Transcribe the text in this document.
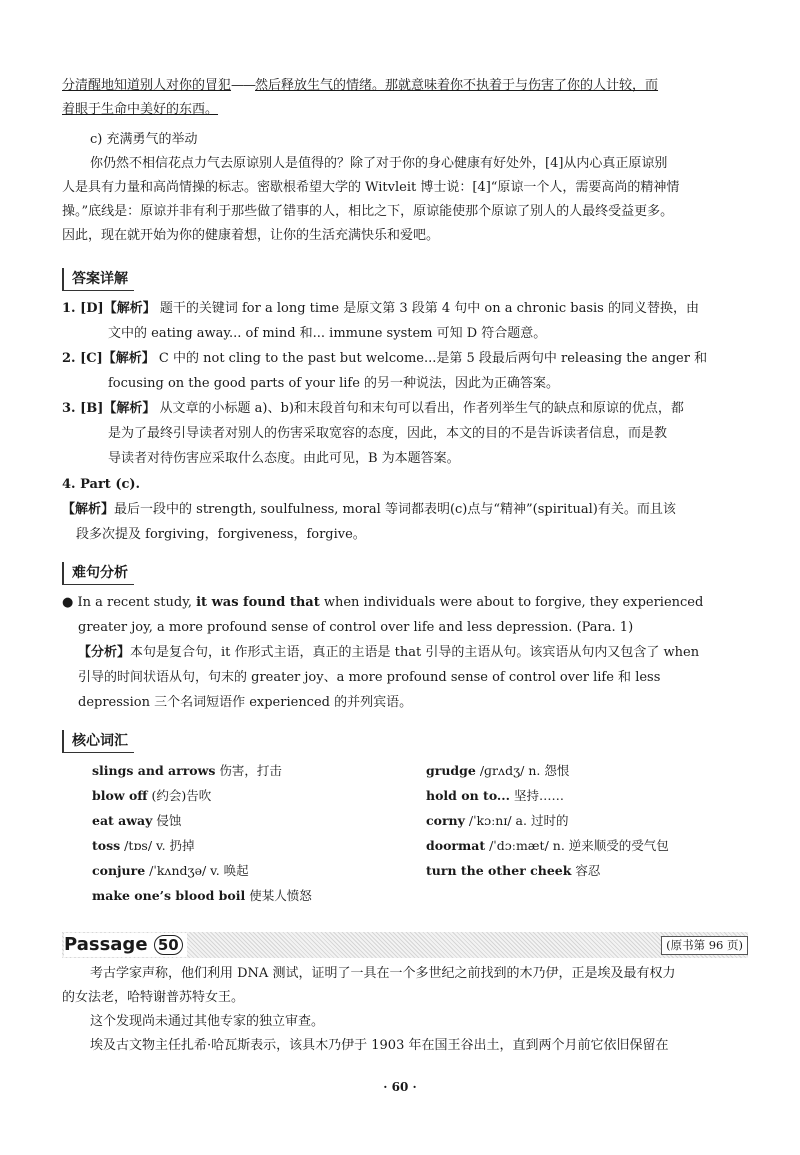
分清醒地知道别人对你的冒犯——然后释放生气的情绪。那就意味着你不执着于与伤害了你的人计较，而
着眼于生命中美好的东西。
c) 充满勇气的举动
你仍然不相信花点力气去原谅别人是值得的？除了对于你的身心健康有好处外，[4]从内心真正原谅别
人是具有力量和高尚情操的标志。密歇根希望大学的 Witvleit 博士说：[4]“原谅一个人，需要高尚的精神情
操。”底线是：原谅并非有利于那些做了错事的人，相比之下，原谅能使那个原谅了别人的人最终受益更多。
因此，现在就开始为你的健康着想，让你的生活充满快乐和爱吧。
答案详解
1. [D]【解析】 题干的关键词 for a long time 是原文第 3 段第 4 句中 on a chronic basis 的同义替换，由
文中的 eating away... of mind 和... immune system 可知 D 符合题意。
2. [C]【解析】 C 中的 not cling to the past but welcome...是第 5 段最后两句中 releasing the anger 和
focusing on the good parts of your life 的另一种说法，因此为正确答案。
3. [B]【解析】 从文章的小标题 a)、b)和末段首句和末句可以看出，作者列举生气的缺点和原谅的优点，都
是为了最终引导读者对别人的伤害采取宽容的态度，因此，本文的目的不是告诉读者信息，而是教
导读者对待伤害应采取什么态度。由此可见，B 为本题答案。
4. Part (c).
【解析】最后一段中的 strength, soulfulness, moral 等词都表明(c)点与“精神”(spiritual)有关。而且该
段多次提及 forgiving，forgiveness，forgive。
难句分析
● In a recent study, it was found that when individuals were about to forgive, they experienced
greater joy, a more profound sense of control over life and less depression. (Para. 1)
【分析】本句是复合句，it 作形式主语，真正的主语是 that 引导的主语从句。该宾语从句内又包含了 when
引导的时间状语从句，句末的 greater joy、a more profound sense of control over life 和 less
depression 三个名词短语作 experienced 的并列宾语。
核心词汇
slings and arrows 伤害，打击
blow off (约会)告吹
eat away 侵蚀
toss /tɒs/ v. 扔掉
conjure /ˈkʌndʒə/ v. 唤起
make one’s blood boil 使某人愤怒
grudge /ɡrʌdʒ/ n. 怨恨
hold on to... 坚持……
corny /ˈkɔːnɪ/ a. 过时的
doormat /ˈdɔːmæt/ n. 逆来顺受的受气包
turn the other cheek 容忍
Passage 50	(原书第 96 页)
考古学家声称，他们利用 DNA 测试，证明了一具在一个多世纪之前找到的木乃伊，正是埃及最有权力
的女法老，哈特谢普苏特女王。
这个发现尚未通过其他专家的独立审查。
埃及古文物主任扎希·哈瓦斯表示，该具木乃伊于 1903 年在国王谷出土，直到两个月前它依旧保留在
· 60 ·
